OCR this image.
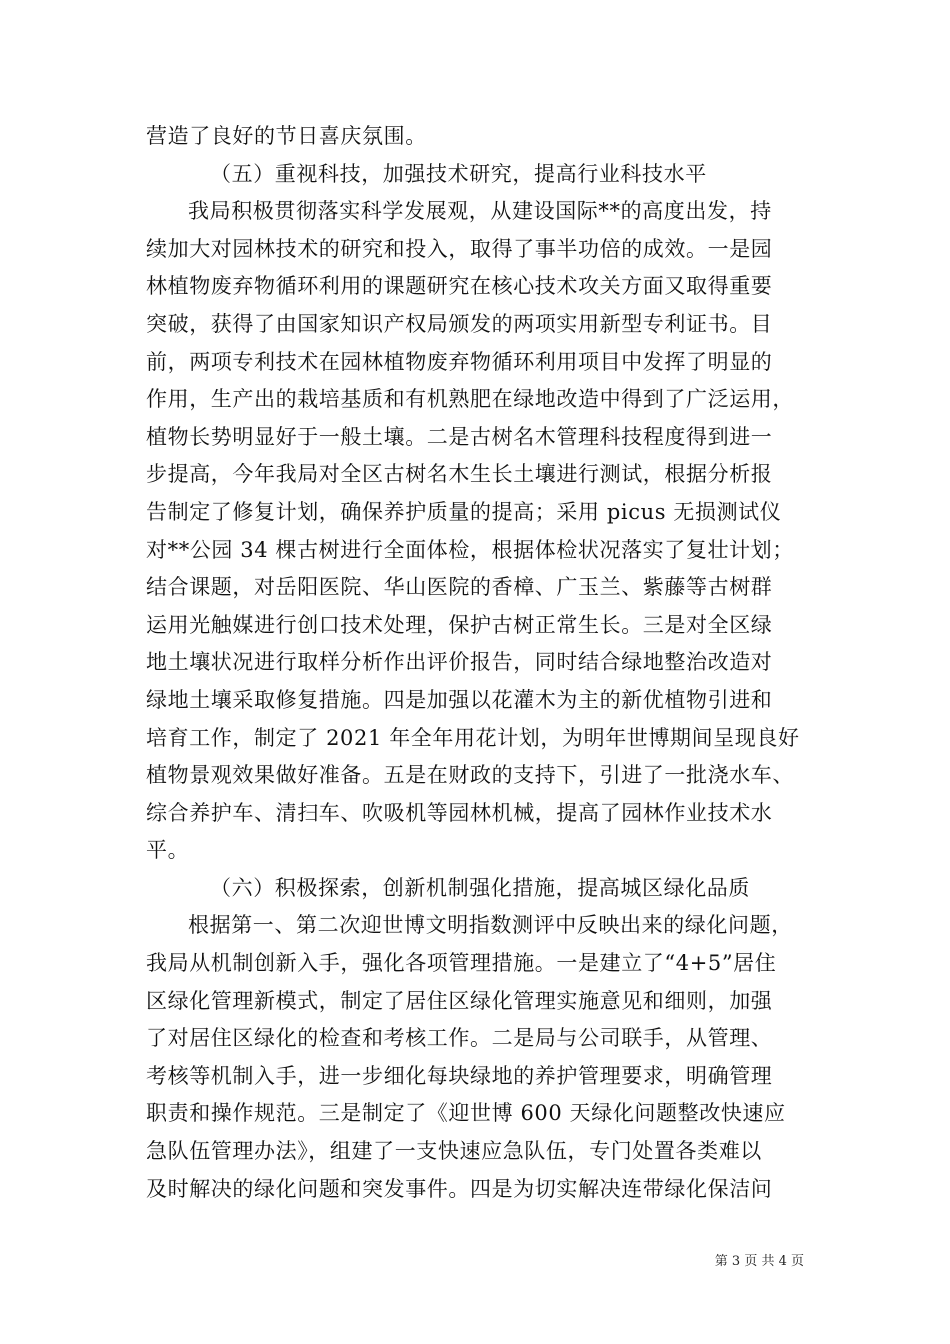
营造了良好的节日喜庆氛围。
（五）重视科技，加强技术研究，提高行业科技水平
我局积极贯彻落实科学发展观，从建设国际**的高度出发，持
续加大对园林技术的研究和投入，取得了事半功倍的成效。一是园
林植物废弃物循环利用的课题研究在核心技术攻关方面又取得重要
突破，获得了由国家知识产权局颁发的两项实用新型专利证书。目
前，两项专利技术在园林植物废弃物循环利用项目中发挥了明显的
作用，生产出的栽培基质和有机熟肥在绿地改造中得到了广泛运用，
植物长势明显好于一般土壤。二是古树名木管理科技程度得到进一
步提高，今年我局对全区古树名木生长土壤进行测试，根据分析报
告制定了修复计划，确保养护质量的提高；采用 picus 无损测试仪
对**公园 34 棵古树进行全面体检，根据体检状况落实了复壮计划；
结合课题，对岳阳医院、华山医院的香樟、广玉兰、紫藤等古树群
运用光触媒进行创口技术处理，保护古树正常生长。三是对全区绿
地土壤状况进行取样分析作出评价报告，同时结合绿地整治改造对
绿地土壤采取修复措施。四是加强以花灌木为主的新优植物引进和
培育工作，制定了 2021 年全年用花计划，为明年世博期间呈现良好
植物景观效果做好准备。五是在财政的支持下，引进了一批浇水车、
综合养护车、清扫车、吹吸机等园林机械，提高了园林作业技术水
平。
（六）积极探索，创新机制强化措施，提高城区绿化品质
根据第一、第二次迎世博文明指数测评中反映出来的绿化问题，
我局从机制创新入手，强化各项管理措施。一是建立了“4+5”居住
区绿化管理新模式，制定了居住区绿化管理实施意见和细则，加强
了对居住区绿化的检查和考核工作。二是局与公司联手，从管理、
考核等机制入手，进一步细化每块绿地的养护管理要求，明确管理
职责和操作规范。三是制定了《迎世博 600 天绿化问题整改快速应
急队伍管理办法》，组建了一支快速应急队伍，专门处置各类难以
及时解决的绿化问题和突发事件。四是为切实解决连带绿化保洁问
第 3 页 共 4 页
